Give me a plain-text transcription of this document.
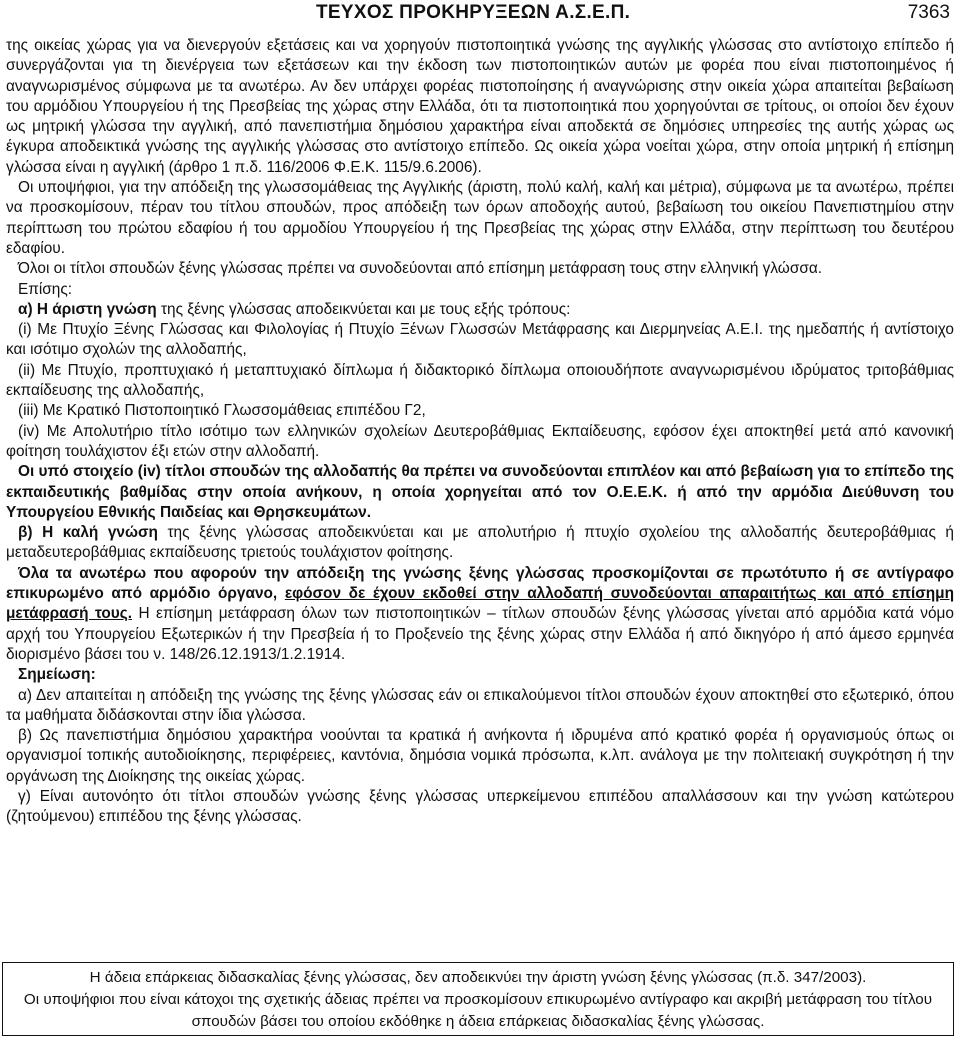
ΤΕΥΧΟΣ ΠΡΟΚΗΡΥΞΕΩΝ Α.Σ.Ε.Π.	7363

της οικείας χώρας για να διενεργούν εξετάσεις και να χορηγούν πιστοποιητικά γνώσης της αγγλικής γλώσσας στο αντίστοιχο επίπεδο ή συνεργάζονται για τη διενέργεια των εξετάσεων και την έκδοση των πιστοποιητικών αυτών με φορέα που είναι πιστοποιημένος ή αναγνωρισμένος σύμφωνα με τα ανωτέρω. Αν δεν υπάρχει φορέας πιστοποίησης ή αναγνώρισης στην οικεία χώρα απαιτείται βεβαίωση του αρμόδιου Υπουργείου ή της Πρεσβείας της χώρας στην Ελλάδα, ότι τα πιστοποιητικά που χορηγούνται σε τρίτους, οι οποίοι δεν έχουν ως μητρική γλώσσα την αγγλική, από πανεπιστήμια δημόσιου χαρακτήρα είναι αποδεκτά σε δημόσιες υπηρεσίες της αυτής χώρας ως έγκυρα αποδεικτικά γνώσης της αγγλικής γλώσσας στο αντίστοιχο επίπεδο. Ως οικεία χώρα νοείται χώρα, στην οποία μητρική ή επίσημη γλώσσα είναι η αγγλική (άρθρο 1 π.δ. 116/2006 Φ.Ε.Κ. 115/9.6.2006).

Οι υποψήφιοι, για την απόδειξη της γλωσσομάθειας της Αγγλικής (άριστη, πολύ καλή, καλή και μέτρια), σύμφωνα με τα ανωτέρω, πρέπει να προσκομίσουν, πέραν του τίτλου σπουδών, προς απόδειξη των όρων αποδοχής αυτού, βεβαίωση του οικείου Πανεπιστημίου στην περίπτωση του πρώτου εδαφίου ή του αρμοδίου Υπουργείου ή της Πρεσβείας της χώρας στην Ελλάδα, στην περίπτωση του δευτέρου εδαφίου.

Όλοι οι τίτλοι σπουδών ξένης γλώσσας πρέπει να συνοδεύονται από επίσημη μετάφραση τους στην ελληνική γλώσσα.

Επίσης:

α) Η άριστη γνώση της ξένης γλώσσας αποδεικνύεται και με τους εξής τρόπους:

(i) Με Πτυχίο Ξένης Γλώσσας και Φιλολογίας ή Πτυχίο Ξένων Γλωσσών Μετάφρασης και Διερμηνείας Α.Ε.Ι. της ημεδαπής ή αντίστοιχο και ισότιμο σχολών της αλλοδαπής,

(ii) Με Πτυχίο, προπτυχιακό ή μεταπτυχιακό δίπλωμα ή διδακτορικό δίπλωμα οποιουδήποτε αναγνωρισμένου ιδρύματος τριτοβάθμιας εκπαίδευσης της αλλοδαπής,

(iii) Με Κρατικό Πιστοποιητικό Γλωσσομάθειας επιπέδου Γ2,

(iv) Με Απολυτήριο τίτλο ισότιμο των ελληνικών σχολείων Δευτεροβάθμιας Εκπαίδευσης, εφόσον έχει αποκτηθεί μετά από κανονική φοίτηση τουλάχιστον έξι ετών στην αλλοδαπή.

Οι υπό στοιχείο (iv) τίτλοι σπουδών της αλλοδαπής θα πρέπει να συνοδεύονται επιπλέον και από βεβαίωση για το επίπεδο της εκπαιδευτικής βαθμίδας στην οποία ανήκουν, η οποία χορηγείται από τον Ο.Ε.Ε.Κ. ή από την αρμόδια Διεύθυνση του Υπουργείου Εθνικής Παιδείας και Θρησκευμάτων.

β) Η καλή γνώση της ξένης γλώσσας αποδεικνύεται και με απολυτήριο ή πτυχίο σχολείου της αλλοδαπής δευτεροβάθμιας ή μεταδευτεροβάθμιας εκπαίδευσης τριετούς τουλάχιστον φοίτησης.

Όλα τα ανωτέρω που αφορούν την απόδειξη της γνώσης ξένης γλώσσας προσκομίζονται σε πρωτότυπο ή σε αντίγραφο επικυρωμένο από αρμόδιο όργανο, εφόσον δε έχουν εκδοθεί στην αλλοδαπή συνοδεύονται απαραιτήτως και από επίσημη μετάφρασή τους. Η επίσημη μετάφραση όλων των πιστοποιητικών – τίτλων σπουδών ξένης γλώσσας γίνεται από αρμόδια κατά νόμο αρχή του Υπουργείου Εξωτερικών ή την Πρεσβεία ή το Προξενείο της ξένης χώρας στην Ελλάδα ή από δικηγόρο ή από άμεσο ερμηνέα διορισμένο βάσει του ν. 148/26.12.1913/1.2.1914.

Σημείωση:

α) Δεν απαιτείται η απόδειξη της γνώσης της ξένης γλώσσας εάν οι επικαλούμενοι τίτλοι σπουδών έχουν αποκτηθεί στο εξωτερικό, όπου τα μαθήματα διδάσκονται στην ίδια γλώσσα.

β) Ως πανεπιστήμια δημόσιου χαρακτήρα νοούνται τα κρατικά ή ανήκοντα ή ιδρυμένα από κρατικό φορέα ή οργανισμούς όπως οι οργανισμοί τοπικής αυτοδιοίκησης, περιφέρειες, καντόνια, δημόσια νομικά πρόσωπα, κ.λπ. ανάλογα με την πολιτειακή συγκρότηση ή την οργάνωση της Διοίκησης της οικείας χώρας.

γ) Είναι αυτονόητο ότι τίτλοι σπουδών γνώσης ξένης γλώσσας υπερκείμενου επιπέδου απαλλάσσουν και την γνώση κατώτερου (ζητούμενου) επιπέδου της ξένης γλώσσας.

Η άδεια επάρκειας διδασκαλίας ξένης γλώσσας, δεν αποδεικνύει την άριστη γνώση ξένης γλώσσας (π.δ. 347/2003).
Οι υποψήφιοι που είναι κάτοχοι της σχετικής άδειας πρέπει να προσκομίσουν επικυρωμένο αντίγραφο και ακριβή μετάφραση του τίτλου σπουδών βάσει του οποίου εκδόθηκε η άδεια επάρκειας διδασκαλίας ξένης γλώσσας.
